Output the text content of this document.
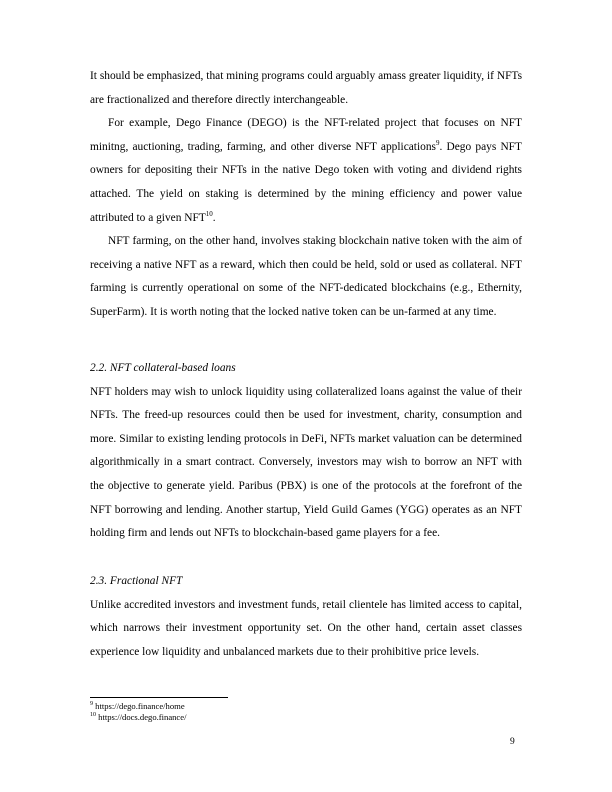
It should be emphasized, that mining programs could arguably amass greater liquidity, if NFTs are fractionalized and therefore directly interchangeable.

For example, Dego Finance (DEGO) is the NFT-related project that focuses on NFT minitng, auctioning, trading, farming, and other diverse NFT applications$^9$. Dego pays NFT owners for depositing their NFTs in the native Dego token with voting and dividend rights attached. The yield on staking is determined by the mining efficiency and power value attributed to a given NFT$^{10}$.

NFT farming, on the other hand, involves staking blockchain native token with the aim of receiving a native NFT as a reward, which then could be held, sold or used as collateral. NFT farming is currently operational on some of the NFT-dedicated blockchains (e.g., Ethernity, SuperFarm). It is worth noting that the locked native token can be un-farmed at any time.

2.2. NFT collateral-based loans

NFT holders may wish to unlock liquidity using collateralized loans against the value of their NFTs. The freed-up resources could then be used for investment, charity, consumption and more. Similar to existing lending protocols in DeFi, NFTs market valuation can be determined algorithmically in a smart contract. Conversely, investors may wish to borrow an NFT with the objective to generate yield. Paribus (PBX) is one of the protocols at the forefront of the NFT borrowing and lending. Another startup, Yield Guild Games (YGG) operates as an NFT holding firm and lends out NFTs to blockchain-based game players for a fee.

2.3. Fractional NFT

Unlike accredited investors and investment funds, retail clientele has limited access to capital, which narrows their investment opportunity set. On the other hand, certain asset classes experience low liquidity and unbalanced markets due to their prohibitive price levels.

$^9$ https://dego.finance/home

$^{10}$ https://docs.dego.finance/

9
